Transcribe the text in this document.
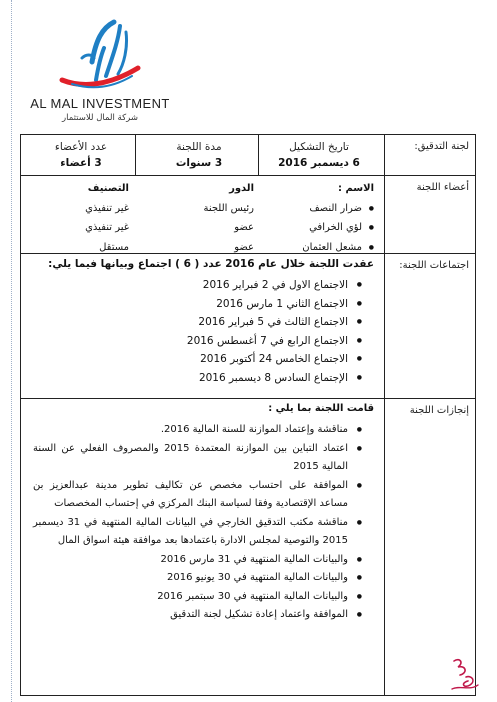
AL MAL INVESTMENT
شركة المال للاستثمار
لجنة التدقيق:
تاريخ التشكيل
6 ديسمبر 2016
مدة اللجنة
3 سنوات
عدد الأعضاء
3 أعضاء
أعضاء اللجنة
الاسم :
● ضرار النصف
● لؤي الخرافي
● مشعل العثمان
الدور
رئيس اللجنة
عضو
عضو
التصنيف
غير تنفيذي
غير تنفيذي
مستقل
اجتماعات اللجنة:
عقدت اللجنة خلال عام 2016 عدد ( 6 ) اجتماع وبيانها فيما يلي:
● الاجتماع الاول في 2 فبراير 2016
● الاجتماع الثاني 1 مارس 2016
● الاجتماع الثالث في 5 فبراير 2016
● الاجتماع الرابع في 7 أغسطس 2016
● الاجتماع الخامس 24 أكتوبر 2016
● الإجتماع السادس 8 ديسمبر 2016
إنجازات اللجنة
قامت اللجنة بما يلي :
● مناقشة وإعتماد الموازنة للسنة المالية 2016.
● اعتماد التباين بين الموازنة المعتمدة 2015 والمصروف الفعلي عن السنة المالية 2015
● الموافقة على احتساب مخصص عن تكاليف تطوير مدينة عبدالعزيز بن مساعد الإقتصادية وفقا لسياسة البنك المركزي في إحتساب المخصصات
● مناقشة مكتب التدقيق الخارجي في البيانات المالية المنتهية في 31 ديسمبر 2015 والتوصية لمجلس الادارة باعتمادها بعد موافقة هيئة اسواق المال
● والبيانات المالية المنتهية في 31 مارس 2016
● والبيانات المالية المنتهية في 30 يونيو 2016
● والبيانات المالية المنتهية في 30 سبتمبر 2016
● الموافقة واعتماد إعادة تشكيل لجنة التدقيق
